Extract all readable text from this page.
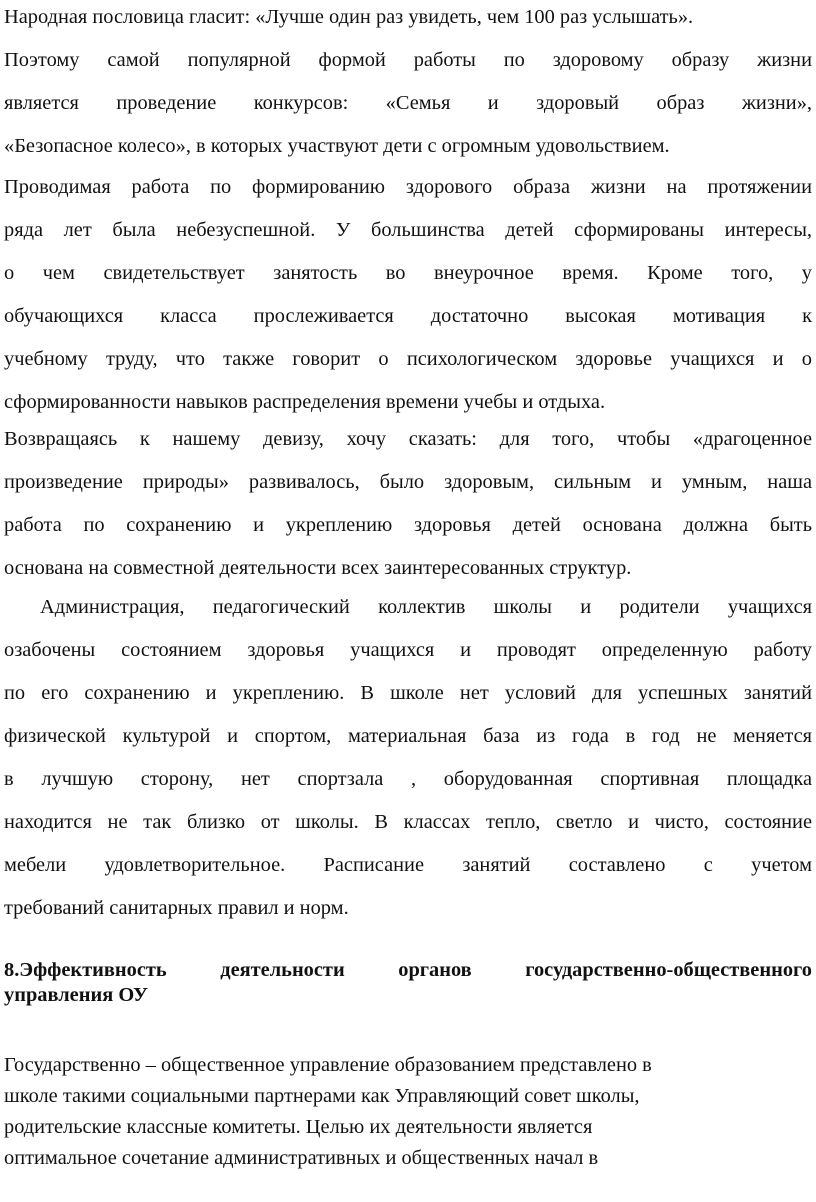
Народная пословица гласит: «Лучше один раз увидеть, чем 100 раз услышать».
Поэтому самой популярной формой работы по здоровому образу жизни
является проведение конкурсов: «Семья и здоровый образ жизни»,
«Безопасное колесо», в которых участвуют дети с огромным удовольствием.
Проводимая работа по формированию здорового образа жизни на протяжении
ряда лет была небезуспешной. У большинства детей сформированы интересы,
о чем свидетельствует занятость во внеурочное время. Кроме того, у
обучающихся класса прослеживается достаточно высокая мотивация к
учебному труду, что также говорит о психологическом здоровье учащихся и о
сформированности навыков распределения времени учебы и отдыха.
Возвращаясь к нашему девизу, хочу сказать: для того, чтобы «драгоценное
произведение природы» развивалось, было здоровым, сильным и умным, наша
работа по сохранению и укреплению здоровья детей основана должна быть
основана на совместной деятельности всех заинтересованных структур.
Администрация, педагогический коллектив школы и родители учащихся
озабочены состоянием здоровья учащихся и проводят определенную работу
по его сохранению и укреплению. В школе нет условий для успешных занятий
физической культурой и спортом, материальная база из года в год не меняется
в лучшую сторону, нет спортзала , оборудованная спортивная площадка
находится не так близко от школы. В классах тепло, светло и чисто, состояние
мебели удовлетворительное. Расписание занятий составлено с учетом
требований санитарных правил и норм.
8.Эффективность деятельности органов государственно-общественного
управления ОУ
Государственно – общественное управление образованием представлено в
школе такими социальными партнерами как Управляющий совет школы,
родительские классные комитеты. Целью их деятельности является
оптимальное сочетание административных и общественных начал в
